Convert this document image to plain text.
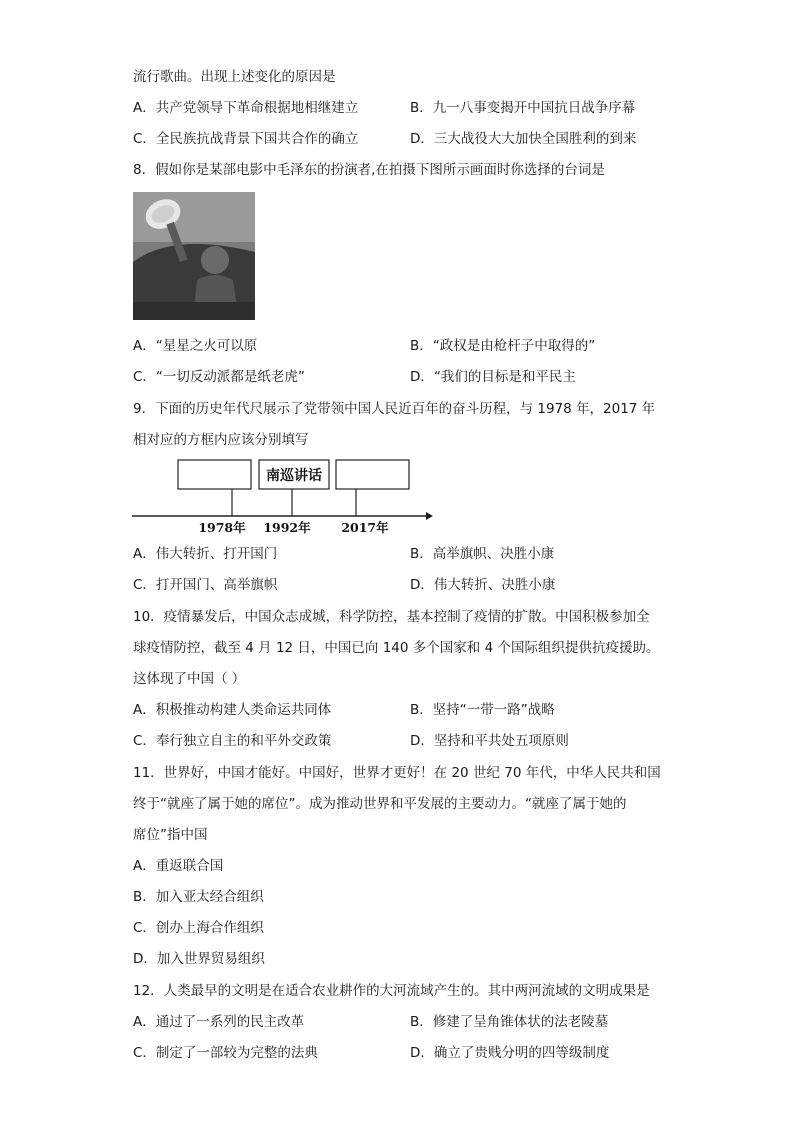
流行歌曲。出现上述变化的原因是
A．共产党领导下革命根据地相继建立	B．九一八事变揭开中国抗日战争序幕
C．全民族抗战背景下国共合作的确立	D．三大战役大大加快全国胜利的到来
8．假如你是某部电影中毛泽东的扮演者,在拍摄下图所示画面时你选择的台词是
A．“星星之火可以原	B．“政权是由枪杆子中取得的”
C．“一切反动派都是纸老虎”	D．“我们的目标是和平民主
9．下面的历史年代尺展示了党带领中国人民近百年的奋斗历程，与 1978 年，2017 年
相对应的方框内应该分别填写
南巡讲话
1978年 1992年 2017年
A．伟大转折、打开国门	B．高举旗帜、决胜小康
C．打开国门、高举旗帜	D．伟大转折、决胜小康
10．疫情暴发后，中国众志成城，科学防控，基本控制了疫情的扩散。中国积极参加全
球疫情防控，截至 4 月 12 日，中国已向 140 多个国家和 4 个国际组织提供抗疫援助。
这体现了中国（ ）
A．积极推动构建人类命运共同体	B．坚持“一带一路”战略
C．奉行独立自主的和平外交政策	D．坚持和平共处五项原则
11．世界好，中国才能好。中国好，世界才更好！在 20 世纪 70 年代，中华人民共和国
终于“就座了属于她的席位”。成为推动世界和平发展的主要动力。“就座了属于她的
席位”指中国
A．重返联合国
B．加入亚太经合组织
C．创办上海合作组织
D．加入世界贸易组织
12．人类最早的文明是在适合农业耕作的大河流域产生的。其中两河流域的文明成果是
A．通过了一系列的民主改革	B．修建了呈角锥体状的法老陵墓
C．制定了一部较为完整的法典	D．确立了贵贱分明的四等级制度
